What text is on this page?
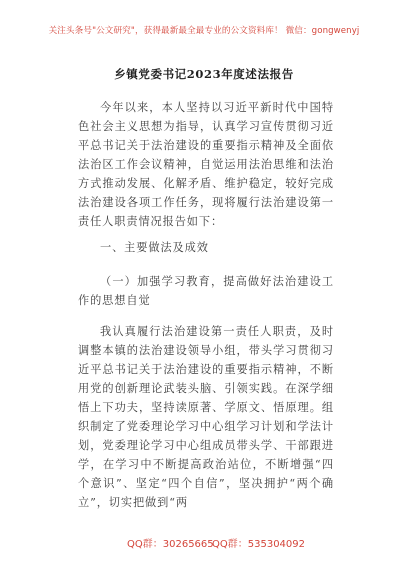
关注头条号"公文研究"，获得最新最全最专业的公文资料库！ 微信：gongwenyj
乡镇党委书记2023年度述法报告
今年以来，本人坚持以习近平新时代中国特色社会主义思想为指导，认真学习宣传贯彻习近平总书记关于法治建设的重要指示精神及全面依法治区工作会议精神，自觉运用法治思维和法治方式推动发展、化解矛盾、维护稳定，较好完成法治建设各项工作任务，现将履行法治建设第一责任人职责情况报告如下：
一、主要做法及成效
（一）加强学习教育，提高做好法治建设工作的思想自觉
我认真履行法治建设第一责任人职责，及时调整本镇的法治建设领导小组，带头学习贯彻习近平总书记关于法治建设的重要指示精神，不断用党的创新理论武装头脑、引领实践。在深学细悟上下功夫，坚持读原著、学原文、悟原理。组织制定了党委理论学习中心组学习计划和学法计划，党委理论学习中心组成员带头学、干部跟进学，在学习中不断提高政治站位，不断增强“四个意识”、坚定“四个自信”，坚决拥护“两个确立”，切实把做到“两
QQ群：30265665
QQ群：535304092
